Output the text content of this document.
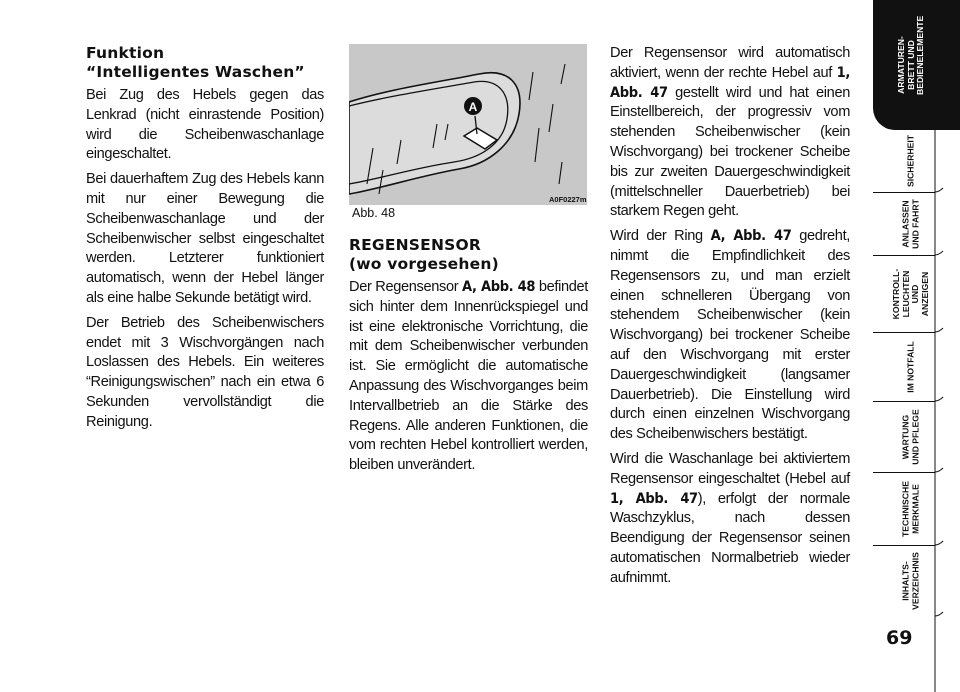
Funktion
“Intelligentes Waschen”

Bei Zug des Hebels gegen das Lenkrad (nicht einrastende Position) wird die Scheibenwaschanlage eingeschaltet.

Bei dauerhaftem Zug des Hebels kann mit nur einer Bewegung die Scheibenwaschanlage und der Scheibenwischer selbst eingeschaltet werden. Letzterer funktioniert automatisch, wenn der Hebel länger als eine halbe Sekunde betätigt wird.

Der Betrieb des Scheibenwischers endet mit 3 Wischvorgängen nach Loslassen des Hebels. Ein weiteres “Reinigungswischen” nach ein etwa 6 Sekunden vervollständigt die Reinigung.

A
A0F0227m
Abb. 48
REGENSENSOR
(wo vorgesehen)

Der Regensensor A, Abb. 48 befindet sich hinter dem Innenrückspiegel und ist eine elektronische Vorrichtung, die mit dem Scheibenwischer verbunden ist. Sie ermöglicht die automatische Anpassung des Wischvorganges beim Intervallbetrieb an die Stärke des Regens. Alle anderen Funktionen, die vom rechten Hebel kontrolliert werden, bleiben unverändert.

Der Regensensor wird automatisch aktiviert, wenn der rechte Hebel auf 1, Abb. 47 gestellt wird und hat einen Einstellbereich, der progressiv vom stehenden Scheibenwischer (kein Wischvorgang) bei trockener Scheibe bis zur zweiten Dauergeschwindigkeit (mittelschneller Dauerbetrieb) bei starkem Regen geht.

Wird der Ring A, Abb. 47 gedreht, nimmt die Empfindlichkeit des Regensensors zu, und man erzielt einen schnelleren Übergang von stehendem Scheibenwischer (kein Wischvorgang) bei trockener Scheibe auf den Wischvorgang mit erster Dauergeschwindigkeit (langsamer Dauerbetrieb). Die Einstellung wird durch einen einzelnen Wischvorgang des Scheibenwischers bestätigt.

Wird die Waschanlage bei aktiviertem Regensensor eingeschaltet (Hebel auf 1, Abb. 47), erfolgt der normale Waschzyklus, nach dessen Beendigung der Regensensor seinen automatischen Normalbetrieb wieder aufnimmt.

ARMATUREN-
BRETT UND
BEDIENELEMENTE
SICHERHEIT
ANLASSEN
UND FAHRT
KONTROLL-
LEUCHTEN
UND ANZEIGEN
IM NOTFALL
WARTUNG
UND PFLEGE
TECHNISCHE
MERKMALE
INHALTS-
VERZEICHNIS
69
